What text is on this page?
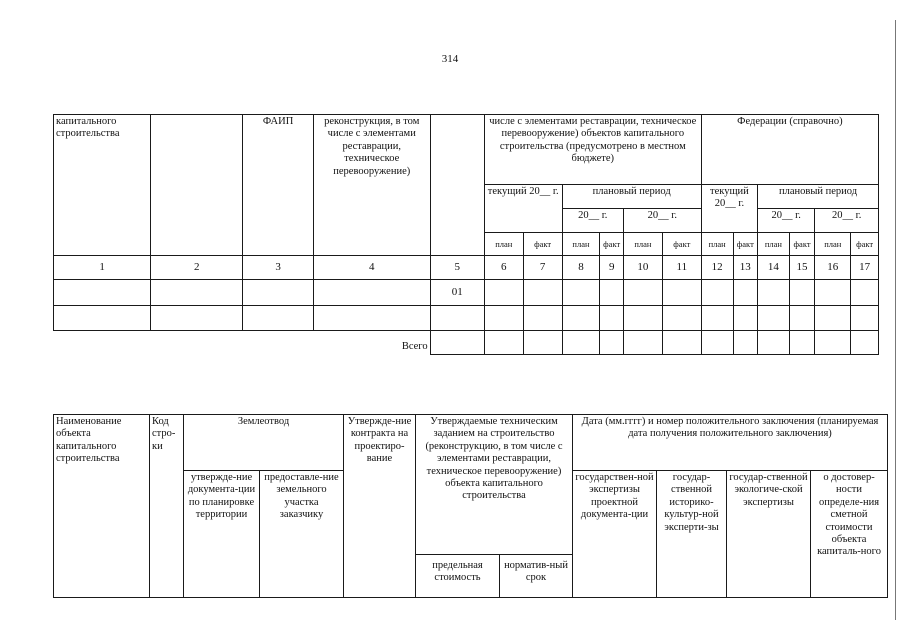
314
капитального строительства		ФАИП	реконструкция, в том числе с элементами реставрации, техническое перевооружение)		числе с элементами реставрации, техническое перевооружение) объектов капитального строительства (предусмотрено в местном бюджете)						Федерации (справочно)					
					текущий 20__ г.		плановый период				текущий 20__ г.		плановый период			
							20__ г.		20__ г.				20__ г.		20__ г.	
					план	факт	план	факт	план	факт	план	факт	план	факт	план	факт
1	2	3	4	5	6	7	8	9	10	11	12	13	14	15	16	17
				01												

Всего																
Наименование объекта капитального строительства	Код стро-ки	Землеотвод		Утвержде-ние контракта на проектиро-вание	Утверждаемые техническим заданием на строительство (реконструкцию, в том числе с элементами реставрации, техническое перевооружение) объекта капитального строительства		Дата (мм.гггг) и номер положительного заключения (планируемая дата получения положительного заключения)			
		утвержде-ние документа-ции по планировке территории	предоставле-ние земельного участка заказчику				государствен-ной экспертизы проектной документа-ции	государ-ственной историко-культур-ной эксперти-зы	государ-ственной экологиче-ской экспертизы	о достовер-ности определе-ния сметной стоимости объекта капиталь-ного
					предельная стоимость	норматив-ный срок				
